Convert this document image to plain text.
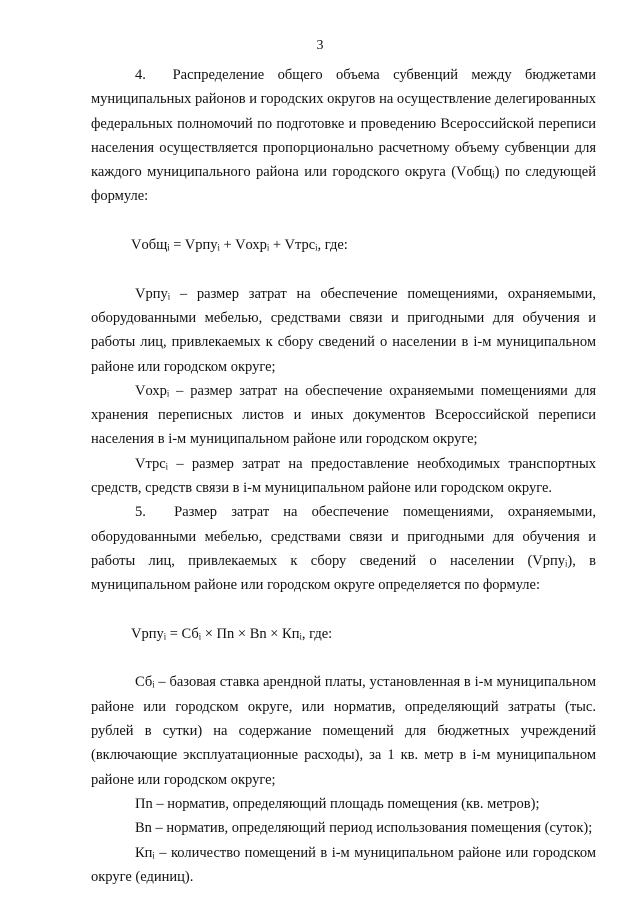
3

4.  Распределение общего объема субвенций между бюджетами муниципальных районов и городских округов на осуществление делегированных федеральных полномочий по подготовке и проведению Всероссийской переписи населения осуществляется пропорционально расчетному объему субвенции для каждого муниципального района или городского округа (Vобщᵢ) по следующей формуле:

Vобщᵢ = Vрпуᵢ + Vохрᵢ + Vтрсᵢ, где:

Vрпуᵢ – размер затрат на обеспечение помещениями, охраняемыми, оборудованными мебелью, средствами связи и пригодными для обучения и работы лиц, привлекаемых к сбору сведений о населении в i-м муниципальном районе или городском округе;

Vохрᵢ – размер затрат на обеспечение охраняемыми помещениями для хранения переписных листов и иных документов Всероссийской переписи населения в i-м муниципальном районе или городском округе;

Vтрсᵢ – размер затрат на предоставление необходимых транспортных средств, средств связи в i-м муниципальном районе или городском округе.

5.  Размер затрат на обеспечение помещениями, охраняемыми, оборудованными мебелью, средствами связи и пригодными для обучения и работы лиц, привлекаемых к сбору сведений о населении (Vрпуᵢ), в муниципальном районе или городском округе определяется по формуле:

Vрпуᵢ = Сбᵢ × Пn × Вn × Кпᵢ, где:

Сбᵢ – базовая ставка арендной платы, установленная в i-м муниципальном районе или городском округе, или норматив, определяющий затраты (тыс. рублей в сутки) на содержание помещений для бюджетных учреждений (включающие эксплуатационные расходы), за 1 кв. метр в i-м муниципальном районе или городском округе;

Пn – норматив, определяющий площадь помещения (кв. метров);

Вn – норматив, определяющий период использования помещения (суток);

Кпᵢ – количество помещений в i-м муниципальном районе или городском округе (единиц).
